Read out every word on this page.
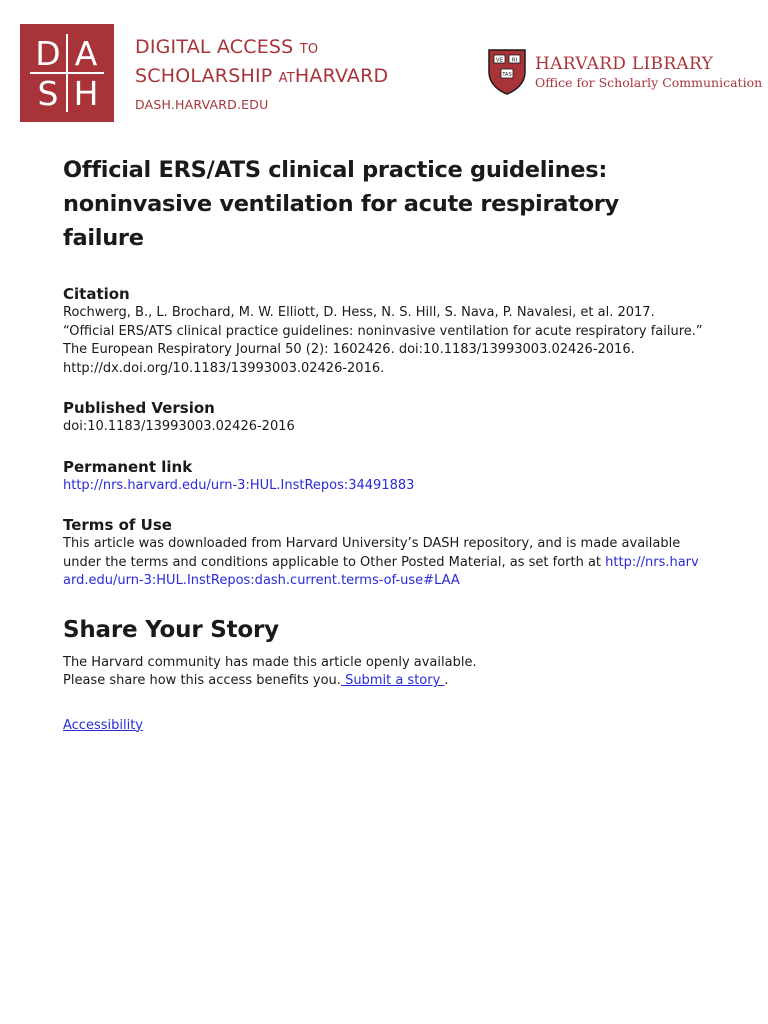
D A
S H
DIGITAL ACCESS TO
SCHOLARSHIP ATHARVARD
DASH.HARVARD.EDU
VE RI
TAS
HARVARD LIBRARY
Office for Scholarly Communication
Official ERS/ATS clinical practice guidelines: noninvasive ventilation for acute respiratory failure
Citation

Rochwerg, B., L. Brochard, M. W. Elliott, D. Hess, N. S. Hill, S. Nava, P. Navalesi, et al. 2017. “Official ERS/ATS clinical practice guidelines: noninvasive ventilation for acute respiratory failure.” The European Respiratory Journal 50 (2): 1602426. doi:10.1183/13993003.02426-2016. http://dx.doi.org/10.1183/13993003.02426-2016.

Published Version

doi:10.1183/13993003.02426-2016

Permanent link

http://nrs.harvard.edu/urn-3:HUL.InstRepos:34491883

Terms of Use

This article was downloaded from Harvard University’s DASH repository, and is made available under the terms and conditions applicable to Other Posted Material, as set forth at http://nrs.harvard.edu/urn-3:HUL.InstRepos:dash.current.terms-of-use#LAA

Share Your Story

The Harvard community has made this article openly available.

Please share how this access benefits you. Submit a story .

Accessibility
